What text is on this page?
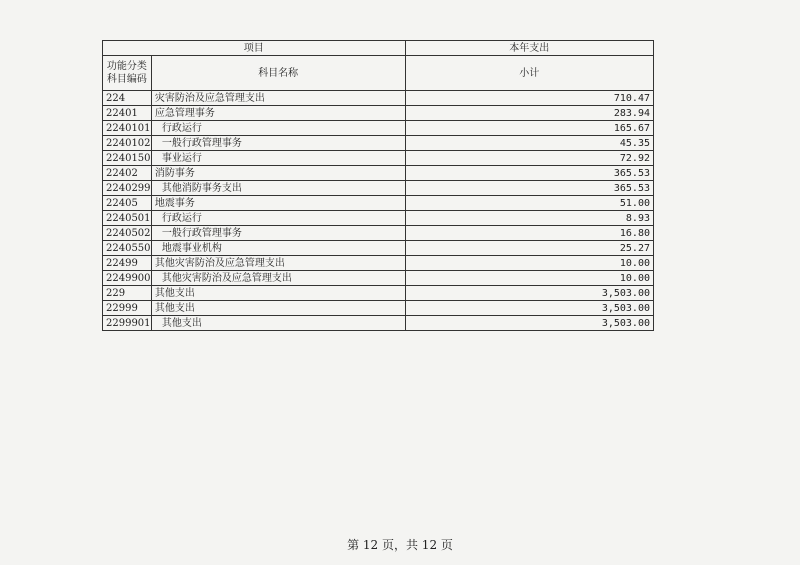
项目		本年支出
功能分类科目编码	科目名称	小计
224	灾害防治及应急管理支出	710.47
22401	应急管理事务	283.94
2240101	行政运行	165.67
2240102	一般行政管理事务	45.35
2240150	事业运行	72.92
22402	消防事务	365.53
2240299	其他消防事务支出	365.53
22405	地震事务	51.00
2240501	行政运行	8.93
2240502	一般行政管理事务	16.80
2240550	地震事业机构	25.27
22499	其他灾害防治及应急管理支出	10.00
2249900	其他灾害防治及应急管理支出	10.00
229	其他支出	3,503.00
22999	其他支出	3,503.00
2299901	其他支出	3,503.00
第 12 页，共 12 页
